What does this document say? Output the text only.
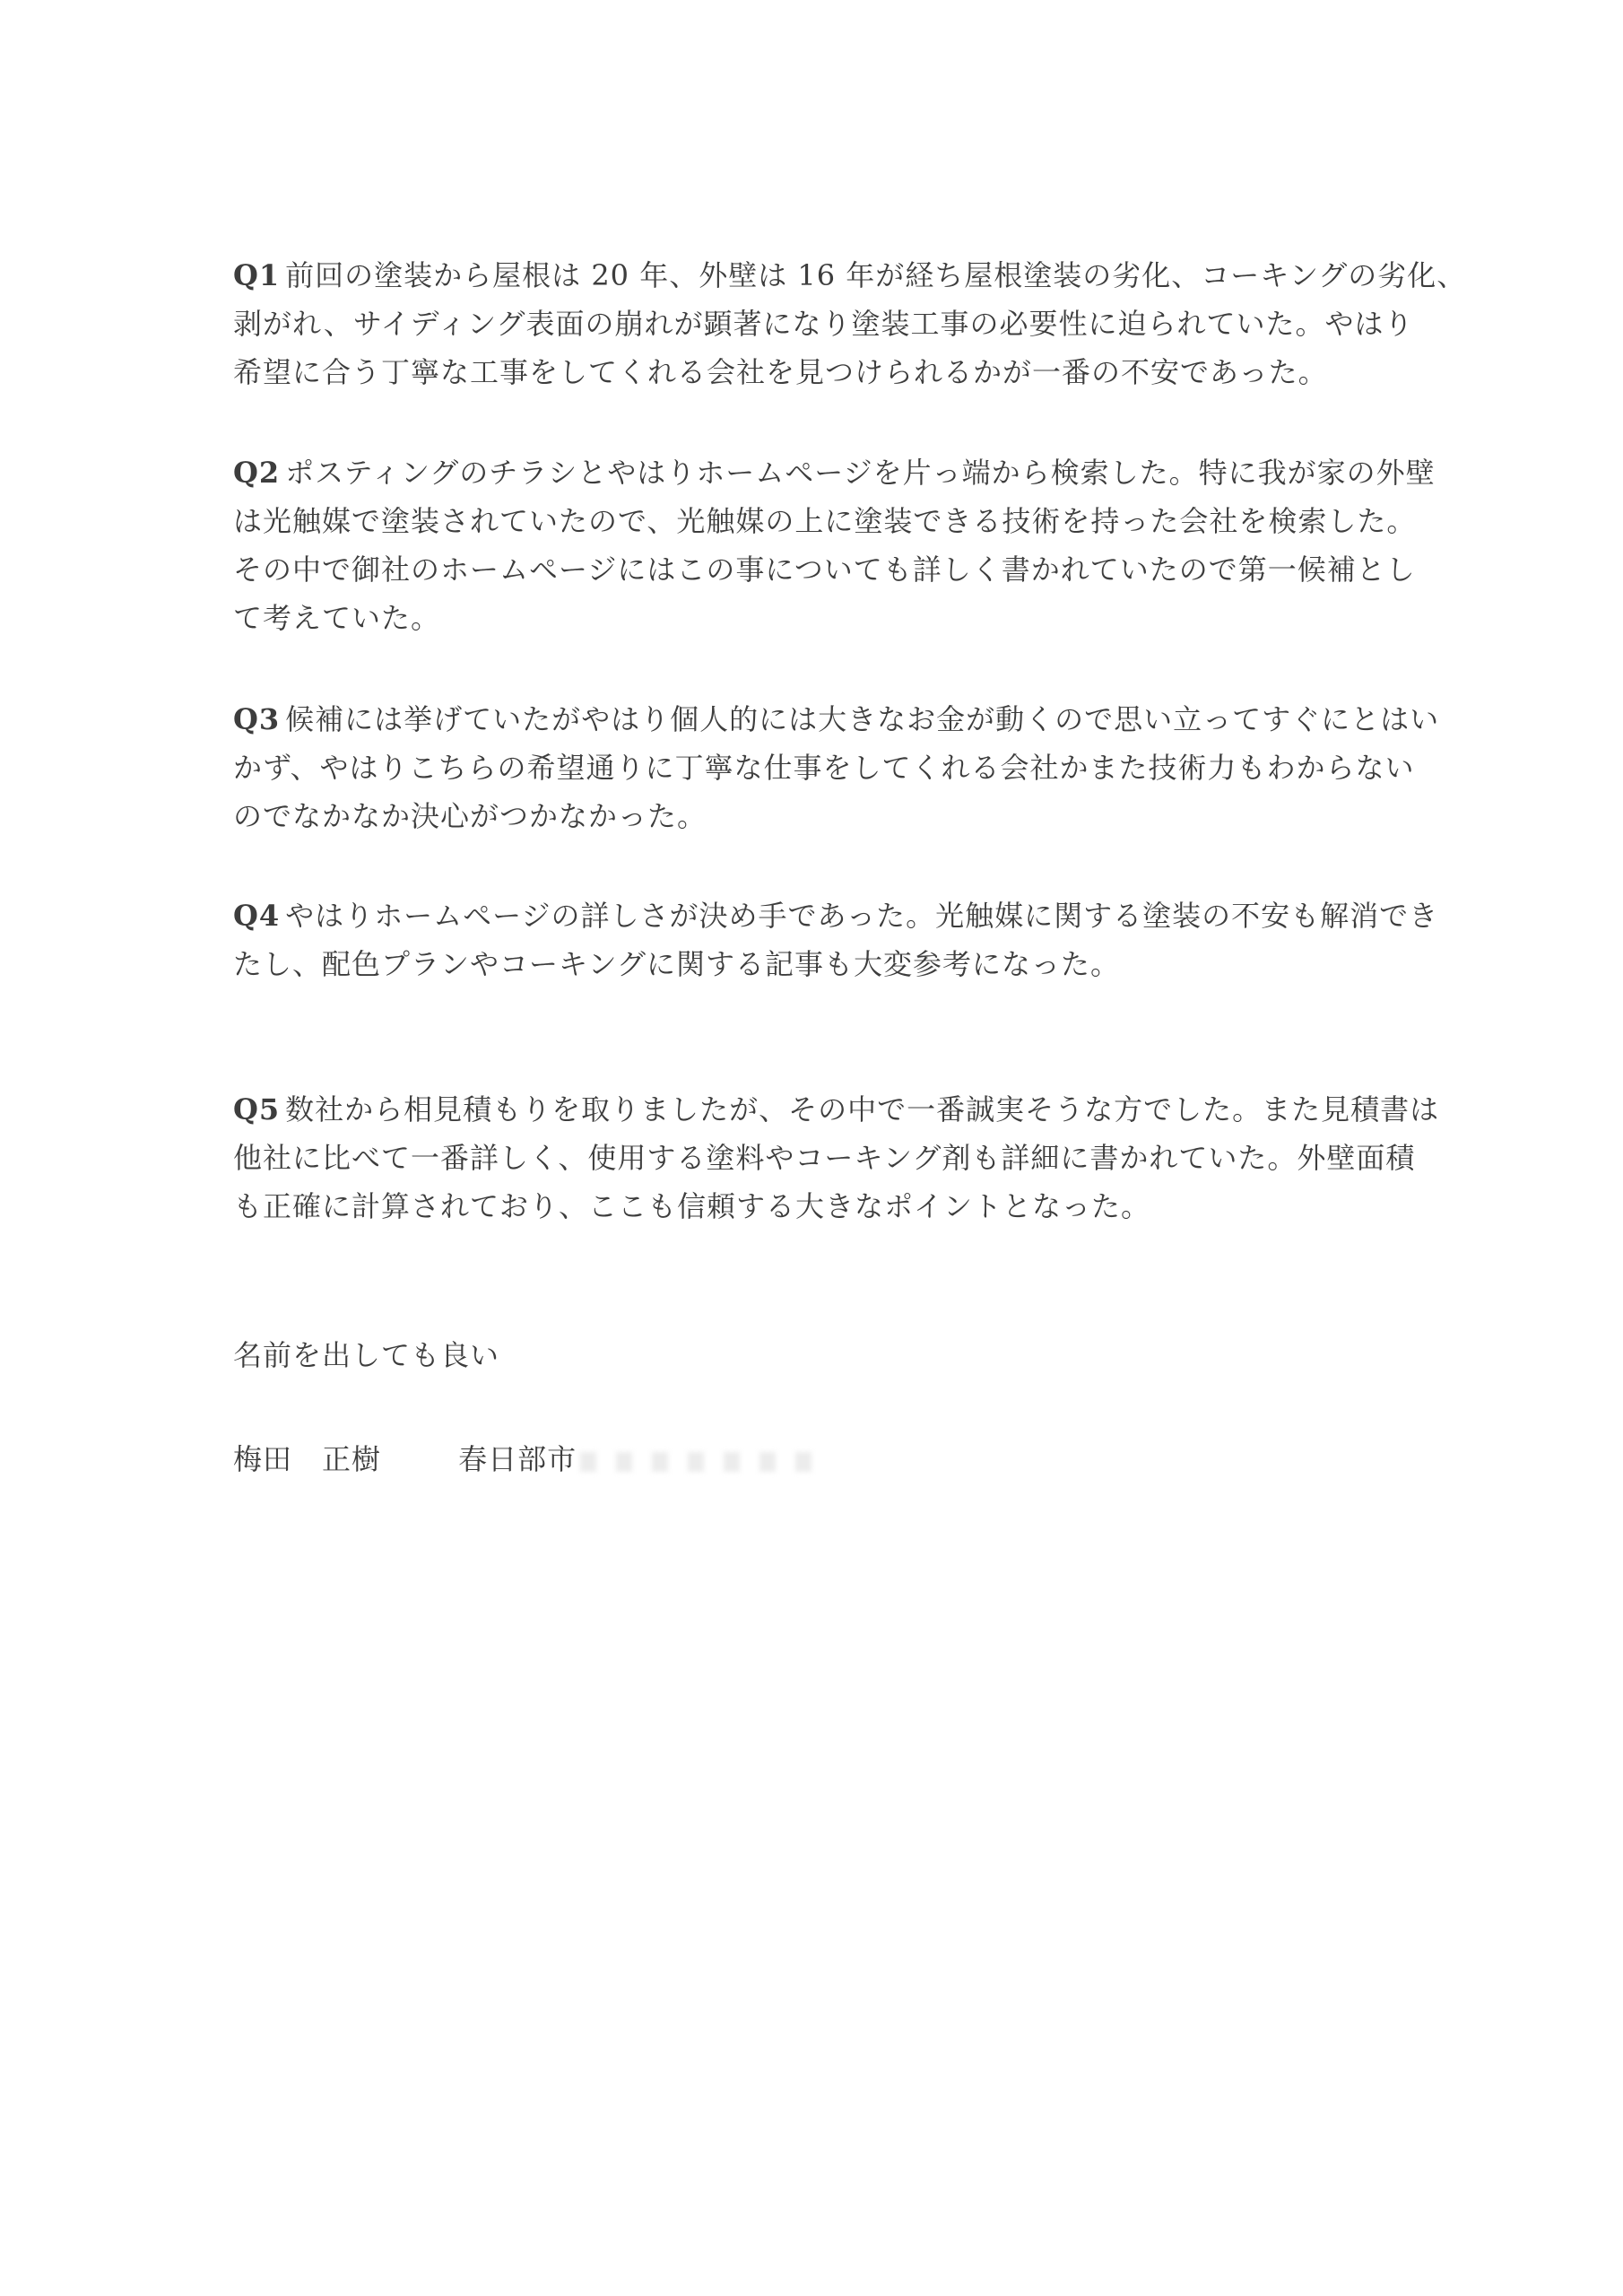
Q1 前回の塗装から屋根は 20 年、外壁は 16 年が経ち屋根塗装の劣化、コーキングの劣化、
剥がれ、サイディング表面の崩れが顕著になり塗装工事の必要性に迫られていた。やはり
希望に合う丁寧な工事をしてくれる会社を見つけられるかが一番の不安であった。
Q2 ポスティングのチラシとやはりホームページを片っ端から検索した。特に我が家の外壁
は光触媒で塗装されていたので、光触媒の上に塗装できる技術を持った会社を検索した。
その中で御社のホームページにはこの事についても詳しく書かれていたので第一候補とし
て考えていた。
Q3 候補には挙げていたがやはり個人的には大きなお金が動くので思い立ってすぐにとはい
かず、やはりこちらの希望通りに丁寧な仕事をしてくれる会社かまた技術力もわからない
のでなかなか決心がつかなかった。
Q4 やはりホームページの詳しさが決め手であった。光触媒に関する塗装の不安も解消でき
たし、配色プランやコーキングに関する記事も大変参考になった。
Q5 数社から相見積もりを取りましたが、その中で一番誠実そうな方でした。また見積書は
他社に比べて一番詳しく、使用する塗料やコーキング剤も詳細に書かれていた。外壁面積
も正確に計算されており、ここも信頼する大きなポイントとなった。
名前を出しても良い
梅田　正樹	春日部市
